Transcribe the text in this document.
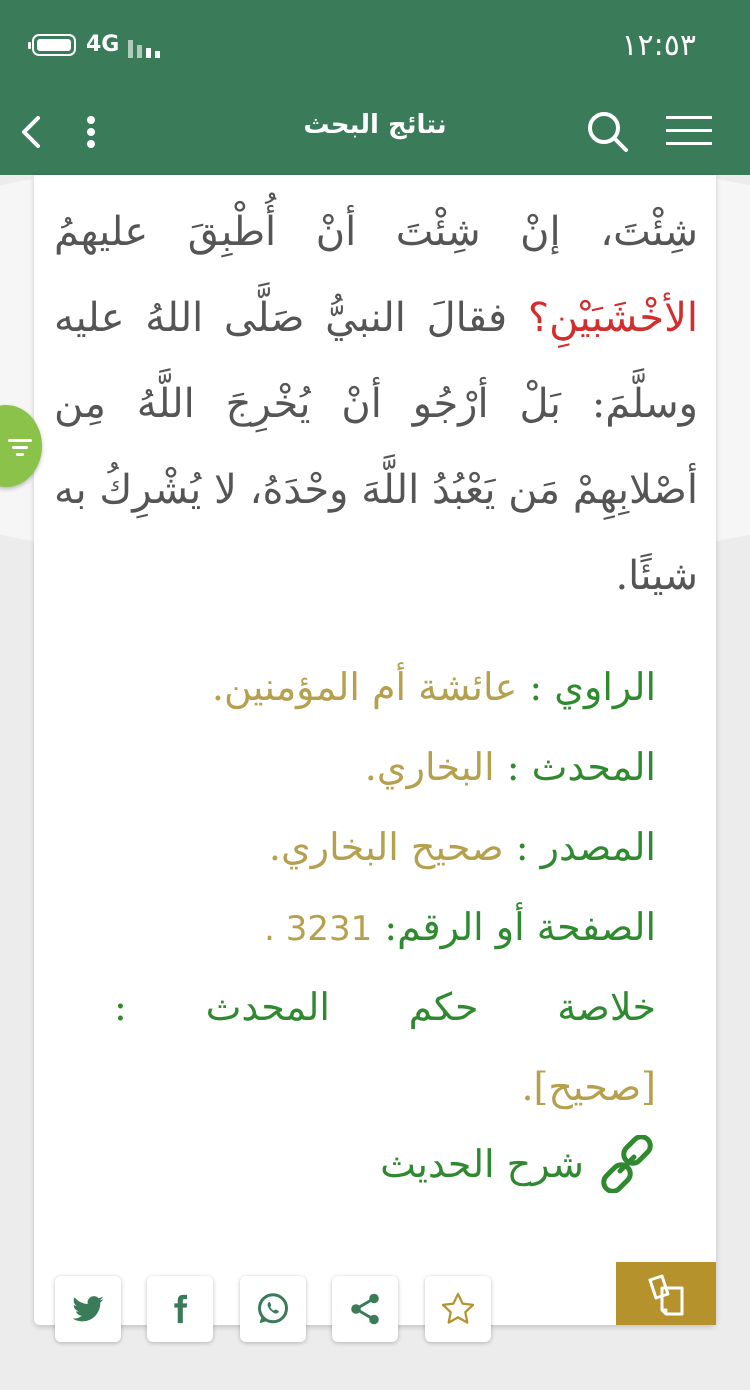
4G	١٢:٥٣
نتائج البحث
شِئْتَ، إنْ شِئْتَ أنْ أُطْبِقَ عليهمُ الأخْشَبَيْنِ؟ فقالَ النبيُّ صَلَّى اللهُ عليه وسلَّمَ: بَلْ أرْجُو أنْ يُخْرِجَ اللَّهُ مِن أصْلابِهِمْ مَن يَعْبُدُ اللَّهَ وحْدَهُ، لا يُشْرِكُ به شيئًا.
الراوي : عائشة أم المؤمنين.
المحدث : البخاري.
المصدر : صحيح البخاري.
الصفحة أو الرقم: 3231 .
خلاصة
حكم
المحدث
:
[صحيح].
شرح الحديث
